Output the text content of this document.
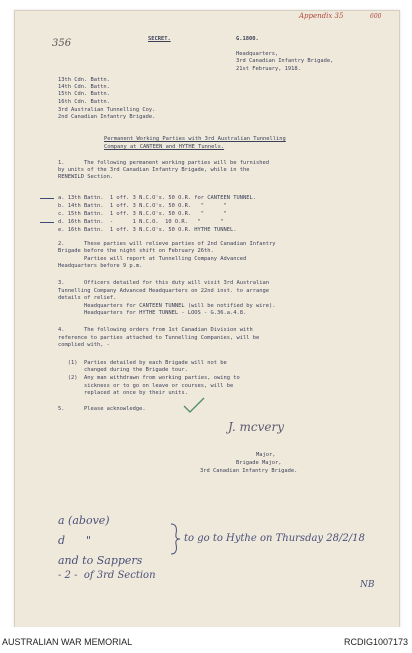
Appendix 35	600
356	SECRET.	G.1800.
Headquarters,
3rd Canadian Infantry Brigade,
21st February, 1918.
13th Cdn. Battn.
14th Cdn. Battn.
15th Cdn. Battn.
16th Cdn. Battn.
3rd Australian Tunnelling Coy.
2nd Canadian Infantry Brigade.
Permanent Working Parties with 3rd Australian Tunnelling
Company at CANTEEN and HYTHE Tunnels.
1.      The following permanent working parties will be furnished
by units of the 3rd Canadian Infantry Brigade, while in the
RENEWILD Section.
a. 13th Battn.  1 off. 3 N.C.O's. 50 O.R. for CANTEEN TUNNEL.
b. 14th Battn.  1 off. 3 N.C.O's. 50 O.R.   "      "
c. 15th Battn.  1 off. 3 N.C.O's. 50 O.R.   "      "
d. 16th Battn.  -      1 N.C.O.  10 O.R.   "      "
e. 16th Battn.  1 off. 3 N.C.O's. 50 O.R. HYTHE TUNNEL.
2.      These parties will relieve parties of 2nd Canadian Infantry
Brigade before the night shift on February 26th.
Parties will report at Tunnelling Company Advanced
Headquarters before 9 p.m.
3.      Officers detailed for this duty will visit 3rd Australian
Tunnelling Company Advanced Headquarters on 22nd inst. to arrange
details of relief.
Headquarters for CANTEEN TUNNEL (will be notified by wire).
Headquarters for HYTHE TUNNEL - LOOS - G.36.a.4.8.
4.      The following orders from 1st Canadian Division with
reference to parties attached to Tunnelling Companies, will be
complied with, -
(1)  Parties detailed by each Brigade will not be
changed during the Brigade tour.
(2)  Any man withdrawn from working parties, owing to
sickness or to go on leave or courses, will be
replaced at once by their units.
5.      Please acknowledge.
J. mcvery
Major,
Brigade Major,
3rd Canadian Infantry Brigade.
a (above)
d      "	to go to Hythe on Thursday 28/2/18
and to Sappers
- 2 -  of 3rd Section
NB
AUSTRALIAN WAR MEMORIAL	RCDIG1007173
